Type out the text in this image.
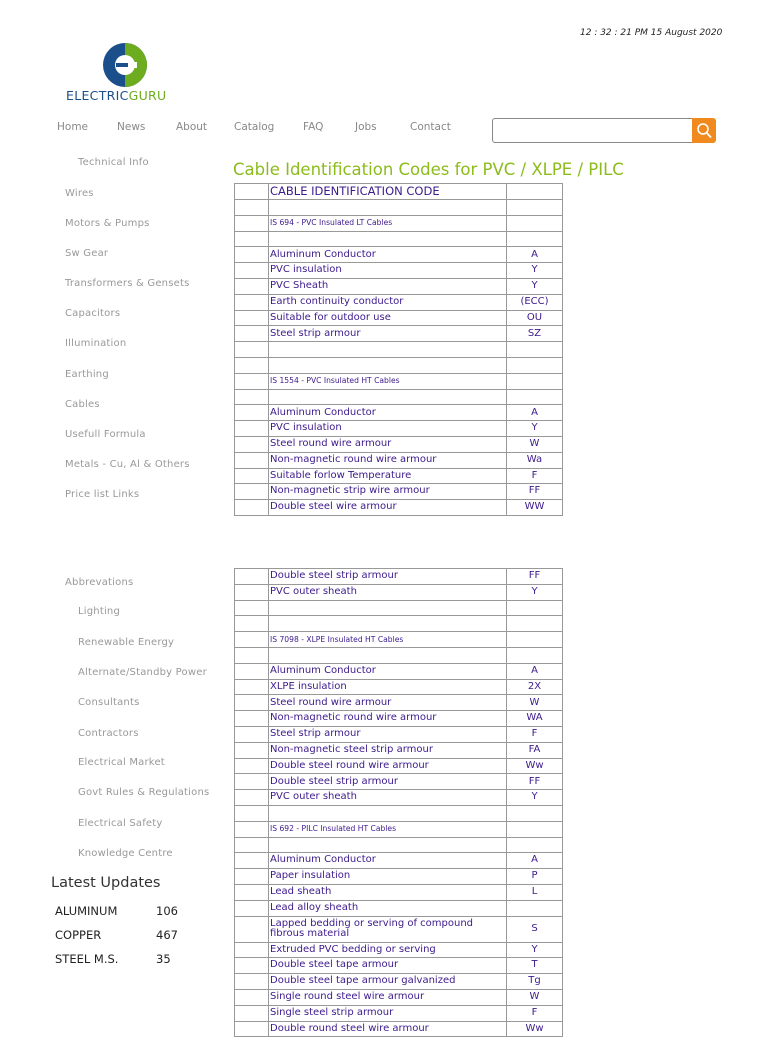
12 : 32 : 21 PM 15 August 2020
ELECTRICGURU
Home	News	About	Catalog	FAQ	Jobs	Contact
Technical Info
Wires
Motors & Pumps
Sw Gear
Transformers & Gensets
Capacitors
Illumination
Earthing
Cables
Usefull Formula
Metals - Cu, Al & Others
Price list Links
Abbrevations
Lighting
Renewable Energy
Alternate/Standby Power
Consultants
Contractors
Electrical Market
Govt Rules & Regulations
Electrical Safety
Knowledge Centre
Latest Updates
ALUMINUM	106
COPPER	467
STEEL M.S.	35
Cable Identification Codes for PVC / XLPE / PILC
	CABLE IDENTIFICATION CODE	

	IS 694 - PVC Insulated LT Cables	

	Aluminum Conductor	A
	PVC insulation	Y
	PVC Sheath	Y
	Earth continuity conductor	(ECC)
	Suitable for outdoor use	OU
	Steel strip armour	SZ

	IS 1554 - PVC Insulated HT Cables	

	Aluminum Conductor	A
	PVC insulation	Y
	Steel round wire armour	W
	Non-magnetic round wire armour	Wa
	Suitable forlow Temperature	F
	Non-magnetic strip wire armour	FF
	Double steel wire armour	WW
	Double steel strip armour	FF
	PVC outer sheath	Y

	IS 7098 - XLPE Insulated HT Cables	

	Aluminum Conductor	A
	XLPE insulation	2X
	Steel round wire armour	W
	Non-magnetic round wire armour	WA
	Steel strip armour	F
	Non-magnetic steel strip armour	FA
	Double steel round wire armour	Ww
	Double steel strip armour	FF
	PVC outer sheath	Y

	IS 692 - PILC Insulated HT Cables	

	Aluminum Conductor	A
	Paper insulation	P
	Lead sheath	L
	Lead alloy sheath	
	Lapped bedding or serving of compound fibrous material	S
	Extruded PVC bedding or serving	Y
	Double steel tape armour	T
	Double steel tape armour galvanized	Tg
	Single round steel wire armour	W
	Single steel strip armour	F
	Double round steel wire armour	Ww
